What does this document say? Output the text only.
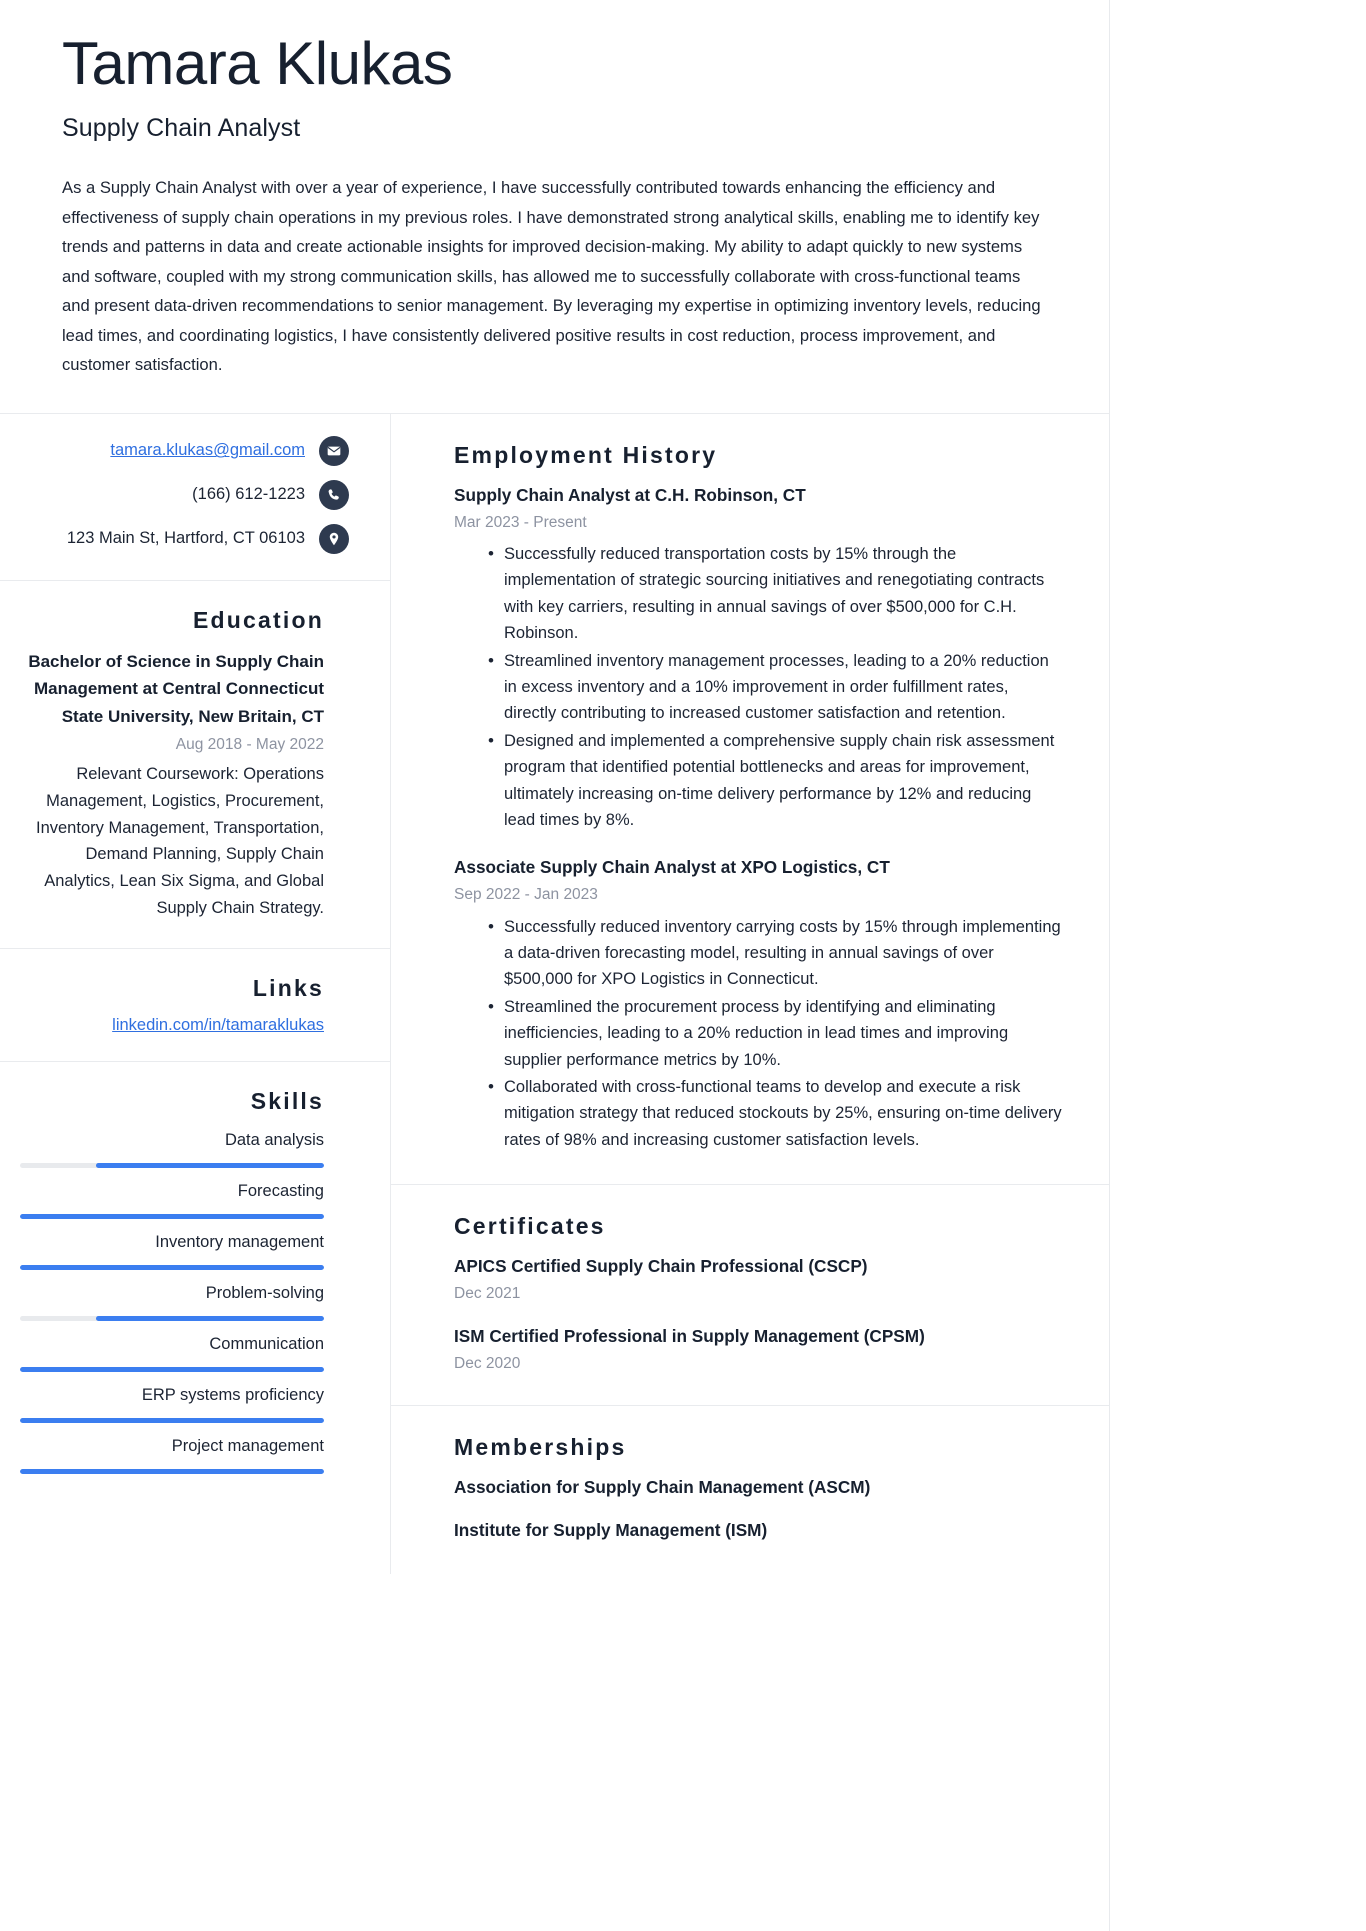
Tamara Klukas
Supply Chain Analyst

As a Supply Chain Analyst with over a year of experience, I have successfully contributed towards enhancing the efficiency and effectiveness of supply chain operations in my previous roles. I have demonstrated strong analytical skills, enabling me to identify key trends and patterns in data and create actionable insights for improved decision-making. My ability to adapt quickly to new systems and software, coupled with my strong communication skills, has allowed me to successfully collaborate with cross-functional teams and present data-driven recommendations to senior management. By leveraging my expertise in optimizing inventory levels, reducing lead times, and coordinating logistics, I have consistently delivered positive results in cost reduction, process improvement, and customer satisfaction.

tamara.klukas@gmail.com
(166) 612-1223
123 Main St, Hartford, CT 06103
Education
Bachelor of Science in Supply Chain Management at Central Connecticut State University, New Britain, CT
Aug 2018 - May 2022
Relevant Coursework: Operations Management, Logistics, Procurement, Inventory Management, Transportation, Demand Planning, Supply Chain Analytics, Lean Six Sigma, and Global Supply Chain Strategy.
Links
linkedin.com/in/tamaraklukas
Skills
Data analysis
Forecasting
Inventory management
Problem-solving
Communication
ERP systems proficiency
Project management
Employment History
Supply Chain Analyst at C.H. Robinson, CT
Mar 2023 - Present
• Successfully reduced transportation costs by 15% through the implementation of strategic sourcing initiatives and renegotiating contracts with key carriers, resulting in annual savings of over $500,000 for C.H. Robinson.
• Streamlined inventory management processes, leading to a 20% reduction in excess inventory and a 10% improvement in order fulfillment rates, directly contributing to increased customer satisfaction and retention.
• Designed and implemented a comprehensive supply chain risk assessment program that identified potential bottlenecks and areas for improvement, ultimately increasing on-time delivery performance by 12% and reducing lead times by 8%.
Associate Supply Chain Analyst at XPO Logistics, CT
Sep 2022 - Jan 2023
• Successfully reduced inventory carrying costs by 15% through implementing a data-driven forecasting model, resulting in annual savings of over $500,000 for XPO Logistics in Connecticut.
• Streamlined the procurement process by identifying and eliminating inefficiencies, leading to a 20% reduction in lead times and improving supplier performance metrics by 10%.
• Collaborated with cross-functional teams to develop and execute a risk mitigation strategy that reduced stockouts by 25%, ensuring on-time delivery rates of 98% and increasing customer satisfaction levels.
Certificates
APICS Certified Supply Chain Professional (CSCP)
Dec 2021
ISM Certified Professional in Supply Management (CPSM)
Dec 2020
Memberships
Association for Supply Chain Management (ASCM)
Institute for Supply Management (ISM)
